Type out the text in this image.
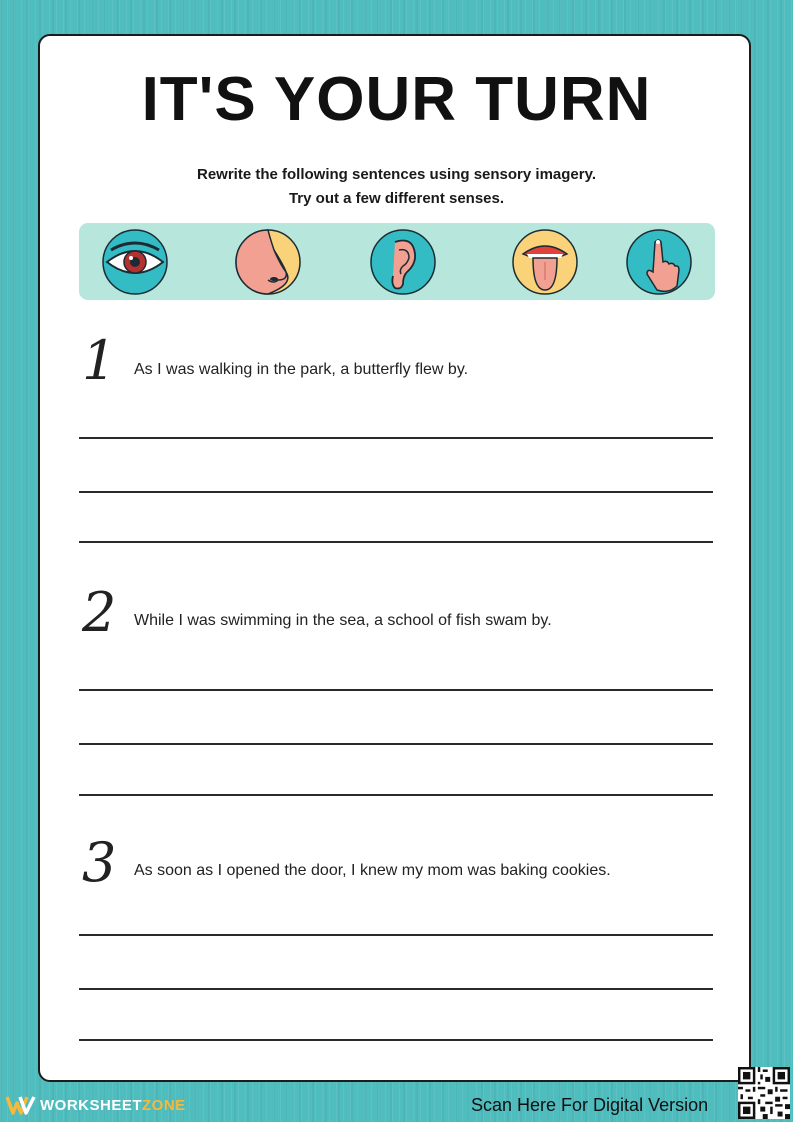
IT'S YOUR TURN
Rewrite the following sentences using sensory imagery.
Try out a few different senses.
1 As I was walking in the park, a butterfly flew by.
2 While I was swimming in the sea, a school of fish swam by.
3 As soon as I opened the door, I knew my mom was baking cookies.
WORKSHEETZONE	Scan Here For Digital Version
